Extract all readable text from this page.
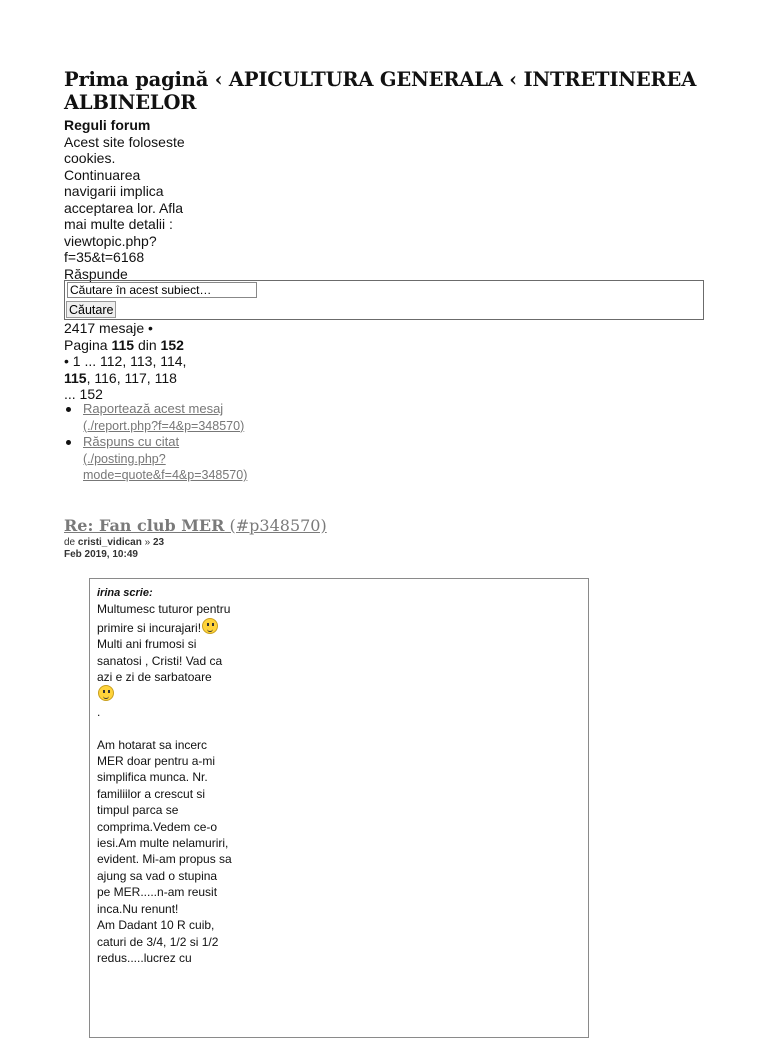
Prima pagină ‹ APICULTURA GENERALA ‹ INTRETINEREA ALBINELOR
Reguli forum
Acest site foloseste
cookies.
Continuarea
navigarii implica
acceptarea lor. Afla
mai multe detalii :
viewtopic.php?
f=35&t=6168
Răspunde
Căutare în acest subiect…
Căutare
2417 mesaje •
Pagina 115 din 152
• 1 ... 112, 113, 114, 115, 116, 117, 118
... 152
Raportează acest mesaj (./report.php?f=4&p=348570)
Răspuns cu citat (./posting.php?mode=quote&f=4&p=348570)
Re: Fan club MER (#p348570)
de cristi_vidican » 23 Feb 2019, 10:49
irina scrie:
Multumesc tuturor pentru primire si incurajari!
Multi ani frumosi si sanatosi , Cristi! Vad ca azi e zi de sarbatoare
.
Am hotarat sa incerc MER doar pentru a-mi simplifica munca. Nr. familiilor a crescut si timpul parca se comprima.Vedem ce-o iesi.Am multe nelamuriri, evident. Mi-am propus sa ajung sa vad o stupina pe MER.....n-am reusit inca.Nu renunt!
Am Dadant 10 R cuib, caturi de 3/4, 1/2 si 1/2 redus.....lucrez cu
